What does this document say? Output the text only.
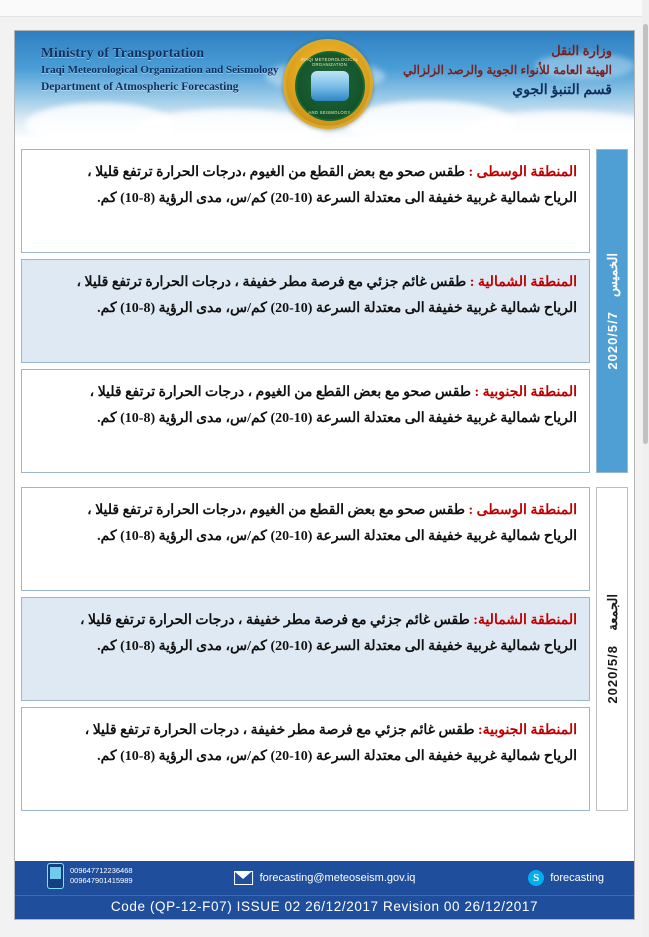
Ministry of Transportation
Iraqi Meteorological Organization and Seismology
Department of Atmospheric Forecasting
IRAQI METEOROLOGICAL ORGANIZATION
AND SEISMOLOGY
وزارة النقل
الهيئة العامة للأنواء الجوية والرصد الزلزالي
قسم التنبؤ الجوي
الخميس
2020/5/7
المنطقة الوسطى : طقس صحو مع بعض القطع من الغيوم ،درجات الحرارة ترتفع قليلا ،
الرياح شمالية غربية خفيفة الى معتدلة السرعة (10-20) كم/س، مدى الرؤية (8-10) كم.
المنطقة الشمالية : طقس غائم جزئي مع فرصة مطر خفيفة ، درجات الحرارة ترتفع قليلا ،
الرياح شمالية غربية خفيفة الى معتدلة السرعة (10-20) كم/س، مدى الرؤية (8-10) كم.
المنطقة الجنوبية : طقس صحو مع بعض القطع من الغيوم ، درجات الحرارة ترتفع قليلا ،
الرياح شمالية غربية خفيفة الى معتدلة السرعة (10-20) كم/س، مدى الرؤية (8-10) كم.
الجمعة
2020/5/8
المنطقة الوسطى : طقس صحو مع بعض القطع من الغيوم ،درجات الحرارة ترتفع قليلا ،
الرياح شمالية غربية خفيفة الى معتدلة السرعة (10-20) كم/س، مدى الرؤية (8-10) كم.
المنطقة الشمالية: طقس غائم جزئي مع فرصة مطر خفيفة ، درجات الحرارة ترتفع قليلا ،
الرياح شمالية غربية خفيفة الى معتدلة السرعة (10-20) كم/س، مدى الرؤية (8-10) كم.
المنطقة الجنوبية: طقس غائم جزئي مع فرصة مطر خفيفة ، درجات الحرارة ترتفع قليلا ،
الرياح شمالية غربية خفيفة الى معتدلة السرعة (10-20) كم/س، مدى الرؤية (8-10) كم.
009647712236468
009647901415989	forecasting@meteoseism.gov.iq	S forecasting
Code (QP-12-F07) ISSUE 02 26/12/2017 Revision 00 26/12/2017
